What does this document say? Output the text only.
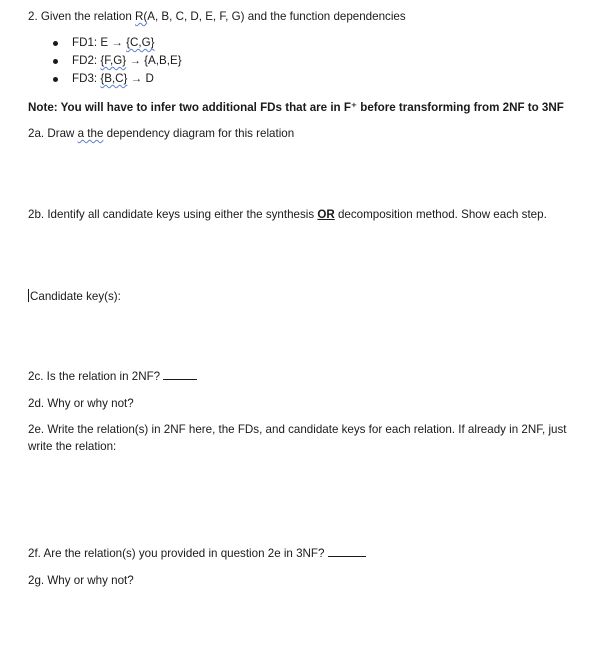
2. Given the relation R(A, B, C, D, E, F, G) and the function dependencies
FD1: E → {C,G}
FD2: {F,G} → {A,B,E}
FD3: {B,C} → D
Note: You will have to infer two additional FDs that are in F⁺ before transforming from 2NF to 3NF
2a. Draw a the dependency diagram for this relation
2b. Identify all candidate keys using either the synthesis OR decomposition method. Show each step.
Candidate key(s):
2c. Is the relation in 2NF?
2d. Why or why not?
2e. Write the relation(s) in 2NF here, the FDs, and candidate keys for each relation. If already in 2NF, just write the relation:
2f. Are the relation(s) you provided in question 2e in 3NF?
2g. Why or why not?
